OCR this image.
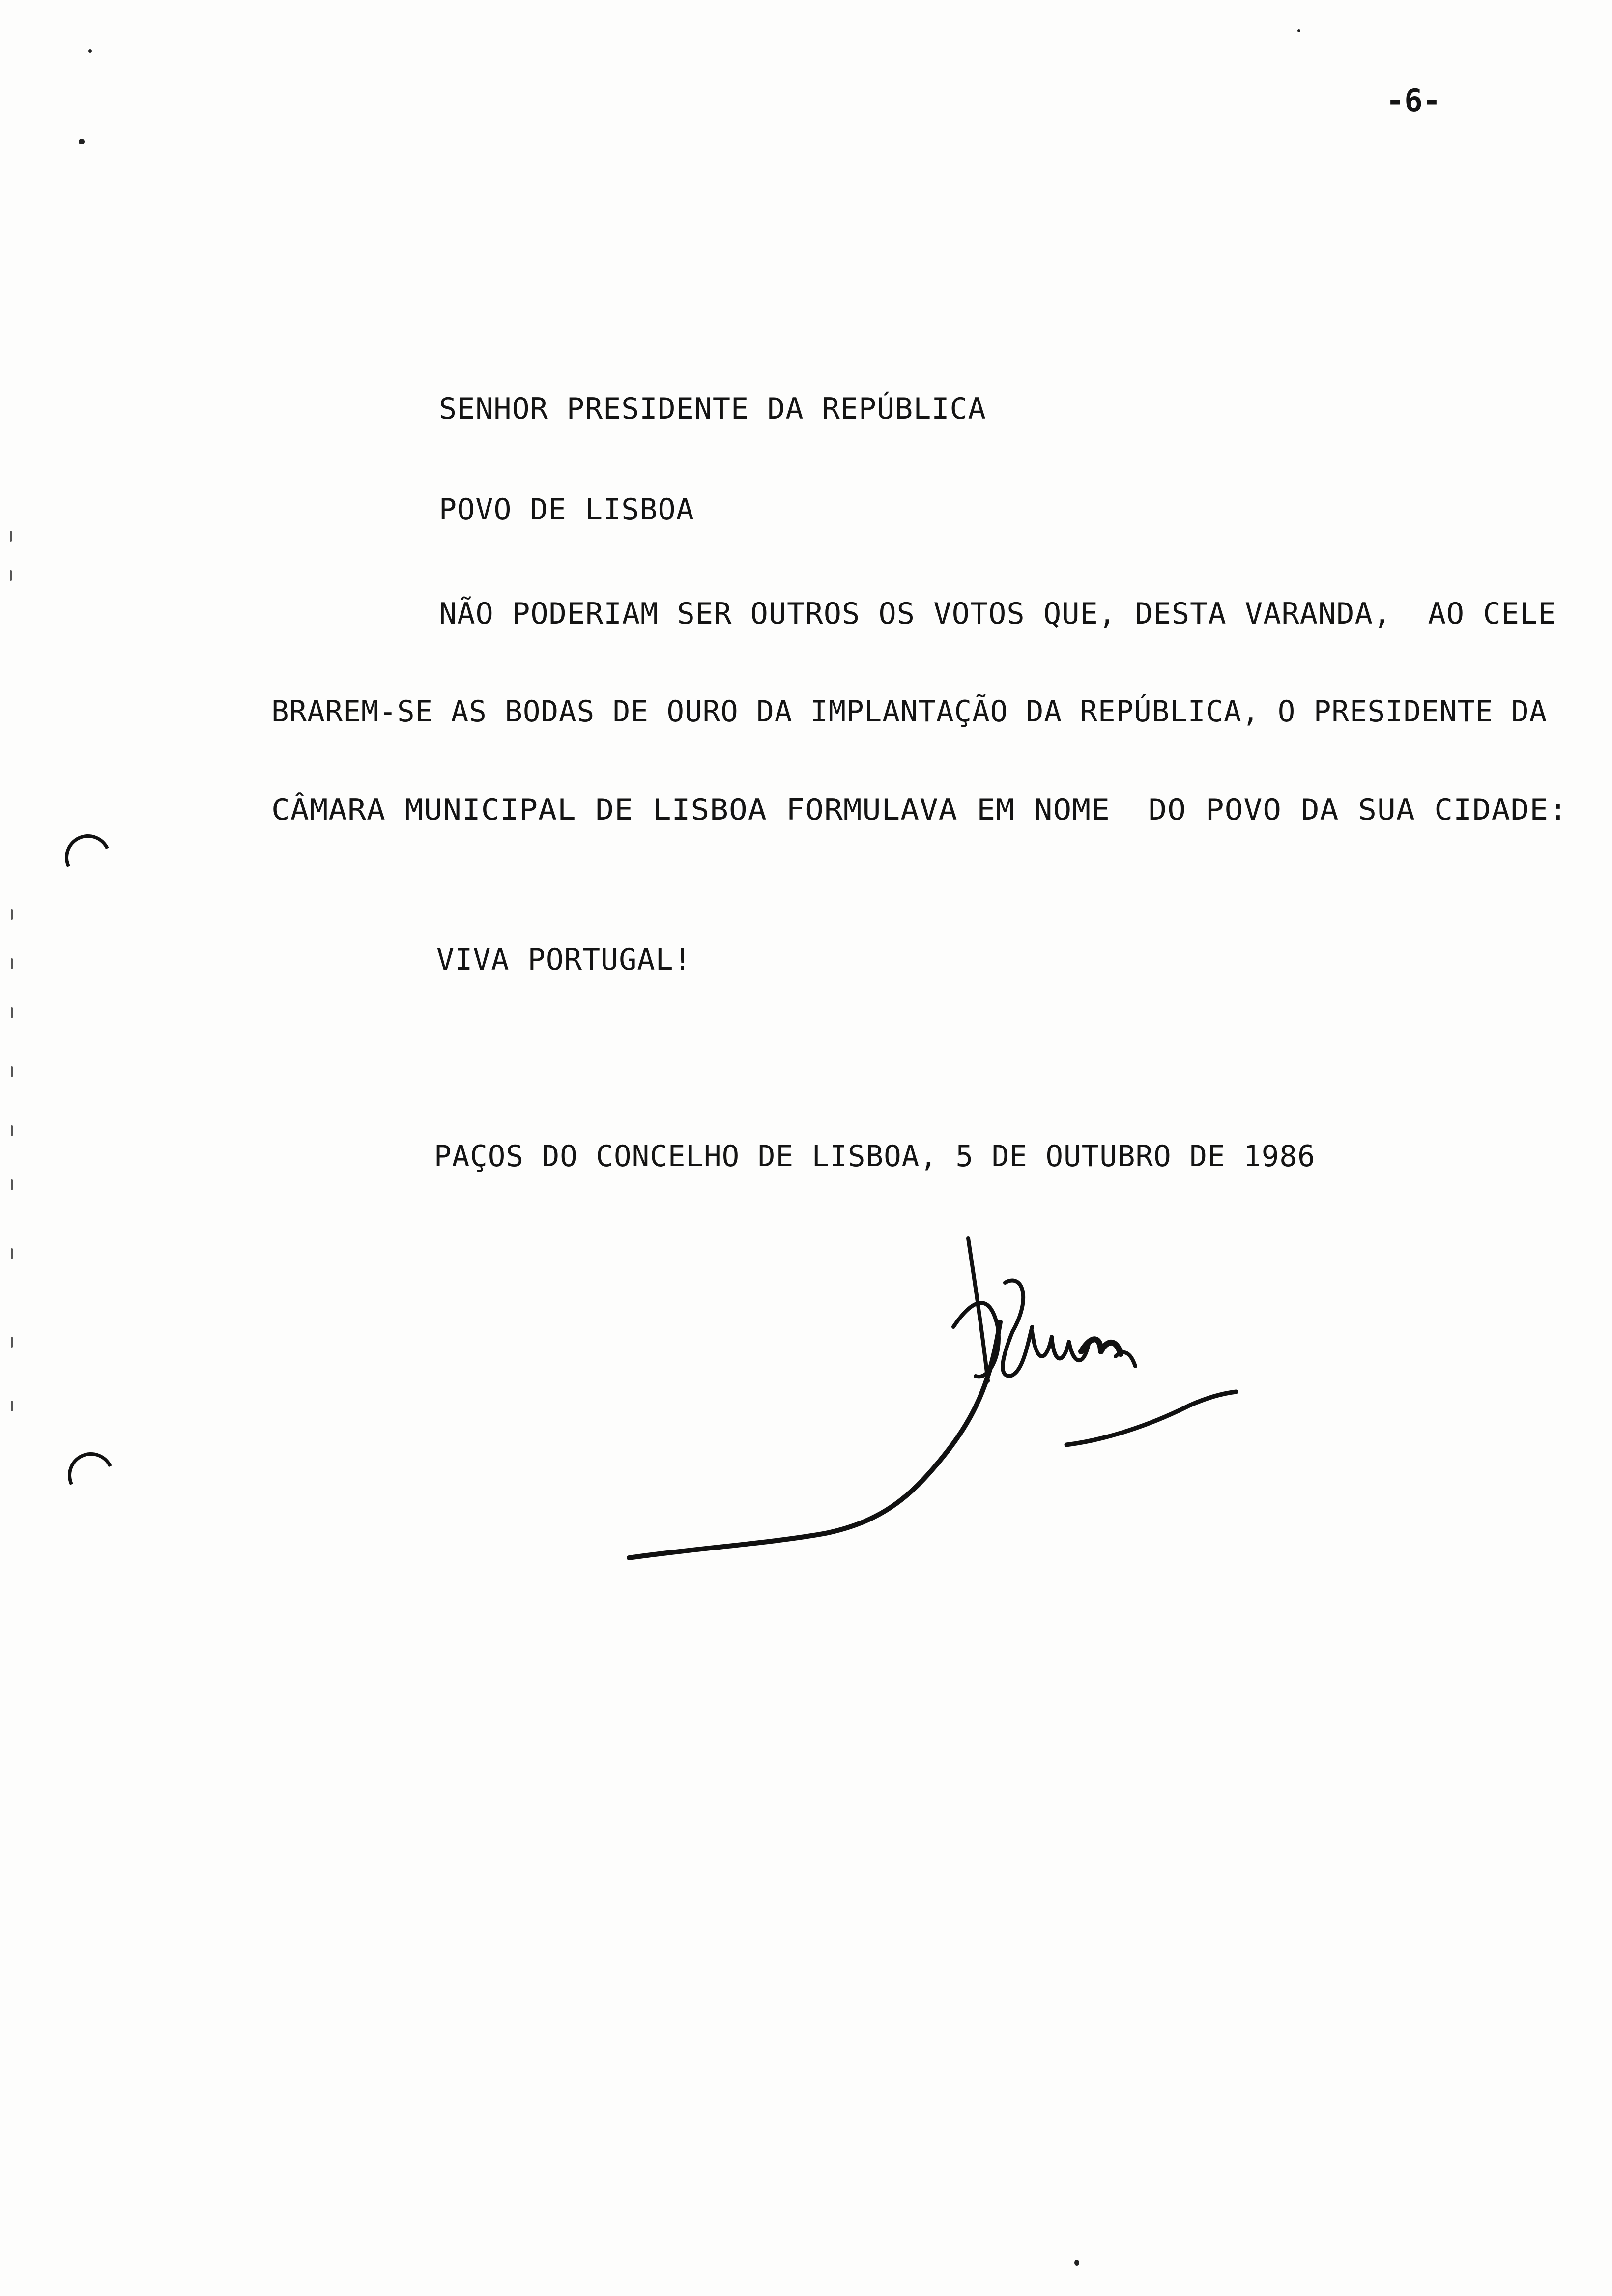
-6-
SENHOR PRESIDENTE DA REPÚBLICA
POVO DE LISBOA
NÃO PODERIAM SER OUTROS OS VOTOS QUE, DESTA VARANDA,  AO CELE
BRAREM-SE AS BODAS DE OURO DA IMPLANTAÇÃO DA REPÚBLICA, O PRESIDENTE DA
CÂMARA MUNICIPAL DE LISBOA FORMULAVA EM NOME  DO POVO DA SUA CIDADE:
VIVA PORTUGAL!
PAÇOS DO CONCELHO DE LISBOA, 5 DE OUTUBRO DE 1986
